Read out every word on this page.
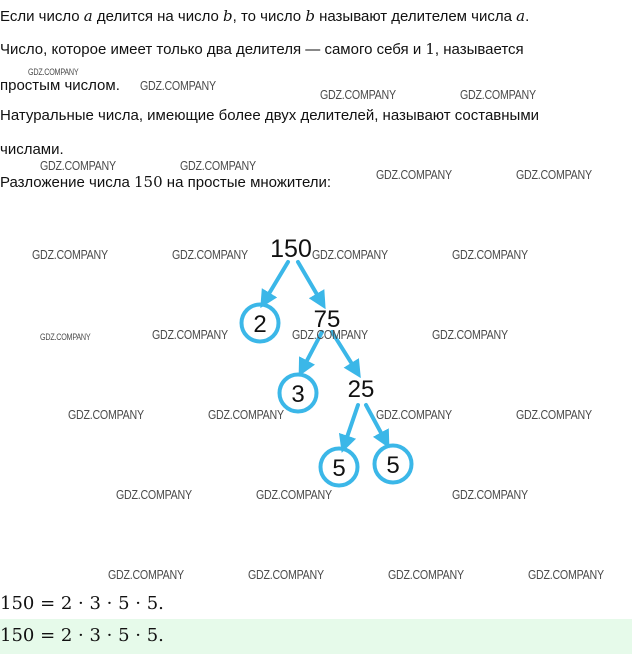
Если число a делится на число b, то число b называют делителем числа a.
Число, которое имеет только два делителя — самого себя и 1, называется
простым числом.
Натуральные числа, имеющие более двух делителей, называют составными
числами.
Разложение числа 150 на простые множители:
150
2 75
3 25
5 5
GDZ.COMPANY
GDZ.COMPANY
GDZ.COMPANY	GDZ.COMPANY
GDZ.COMPANY	GDZ.COMPANY
GDZ.COMPANY	GDZ.COMPANY
GDZ.COMPANY	GDZ.COMPANY	GDZ.COMPANY	GDZ.COMPANY
GDZ.COMPANY	GDZ.COMPANY	GDZ.COMPANY	GDZ.COMPANY
GDZ.COMPANY	GDZ.COMPANY	GDZ.COMPANY	GDZ.COMPANY
GDZ.COMPANY	GDZ.COMPANY	GDZ.COMPANY
GDZ.COMPANY	GDZ.COMPANY	GDZ.COMPANY	GDZ.COMPANY
150 = 2 · 3 · 5 · 5.
150 = 2 · 3 · 5 · 5.
